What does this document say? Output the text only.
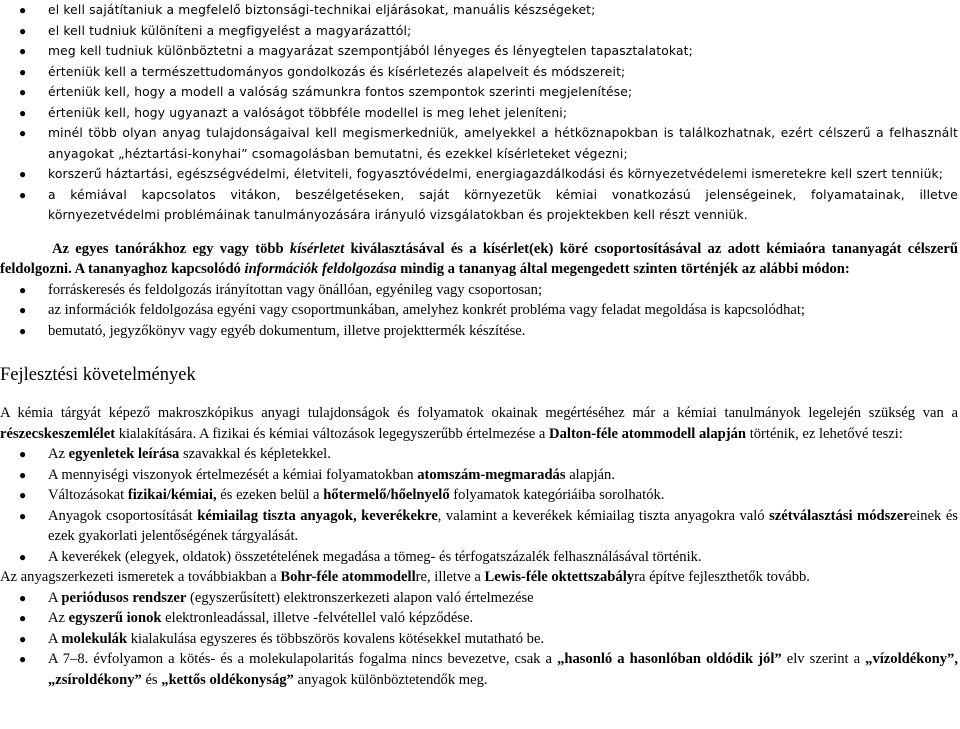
● el kell sajátítaniuk a megfelelő biztonsági-technikai eljárásokat, manuális készségeket;
● el kell tudniuk különíteni a megfigyelést a magyarázattól;
● meg kell tudniuk különböztetni a magyarázat szempontjából lényeges és lényegtelen tapasztalatokat;
● érteniük kell a természettudományos gondolkozás és kísérletezés alapelveit és módszereit;
● érteniük kell, hogy a modell a valóság számunkra fontos szempontok szerinti megjelenítése;
● érteniük kell, hogy ugyanazt a valóságot többféle modellel is meg lehet jeleníteni;
● minél több olyan anyag tulajdonságaival kell megismerkedniük, amelyekkel a hétköznapokban is találkozhatnak, ezért célszerű a felhasznált anyagokat „héztartási-konyhai” csomagolásban bemutatni, és ezekkel kísérleteket végezni;
● korszerű háztartási, egészségvédelmi, életviteli, fogyasztóvédelmi, energiagazdálkodási és környezetvédelemi ismeretekre kell szert tenniük;
● a kémiával kapcsolatos vitákon, beszélgetéseken, saját környezetük kémiai vonatkozású jelenségeinek, folyamatainak, illetve környezetvédelmi problémáinak tanulmányozására irányuló vizsgálatokban és projektekben kell részt venniük.

Az egyes tanórákhoz egy vagy több kísérletet kiválasztásával és a kísérlet(ek) köré csoportosításával az adott kémiaóra tananyagát célszerű feldolgozni. A tananyaghoz kapcsolódó információk feldolgozása mindig a tananyag által megengedett szinten történjék az alábbi módon:

● forráskeresés és feldolgozás irányítottan vagy önállóan, egyénileg vagy csoportosan;
● az információk feldolgozása egyéni vagy csoportmunkában, amelyhez konkrét probléma vagy feladat megoldása is kapcsolódhat;
● bemutató, jegyzőkönyv vagy egyéb dokumentum, illetve projekttermék készítése.
Fejlesztési követelmények

A kémia tárgyát képező makroszkópikus anyagi tulajdonságok és folyamatok okainak megértéséhez már a kémiai tanulmányok legelején szükség van a részecskeszemlélet kialakítására. A fizikai és kémiai változások legegyszerűbb értelmezése a Dalton-féle atommodell alapján történik, ez lehetővé teszi:

● Az egyenletek leírása szavakkal és képletekkel.
● A mennyiségi viszonyok értelmezését a kémiai folyamatokban atomszám-megmaradás alapján.
● Változásokat fizikai/kémiai, és ezeken belül a hőtermelő/hőelnyelő folyamatok kategóriáiba sorolhatók.
● Anyagok csoportosítását kémiailag tiszta anyagok, keverékekre, valamint a keverékek kémiailag tiszta anyagokra való szétválasztási módszereinek és ezek gyakorlati jelentőségének tárgyalását.
● A keverékek (elegyek, oldatok) összetételének megadása a tömeg- és térfogatszázalék felhasználásával történik.

Az anyagszerkezeti ismeretek a továbbiakban a Bohr-féle atommodellre, illetve a Lewis-féle oktettszabályra építve fejleszthetők tovább.

● A periódusos rendszer (egyszerűsített) elektronszerkezeti alapon való értelmezése
● Az egyszerű ionok elektronleadással, illetve -felvétellel való képződése.
● A molekulák kialakulása egyszeres és többszörös kovalens kötésekkel mutatható be.
● A 7–8. évfolyamon a kötés- és a molekulapolaritás fogalma nincs bevezetve, csak a „hasonló a hasonlóban oldódik jól” elv szerint a „vízoldékony”, „zsíroldékony” és „kettős oldékonyság” anyagok különböztetendők meg.
